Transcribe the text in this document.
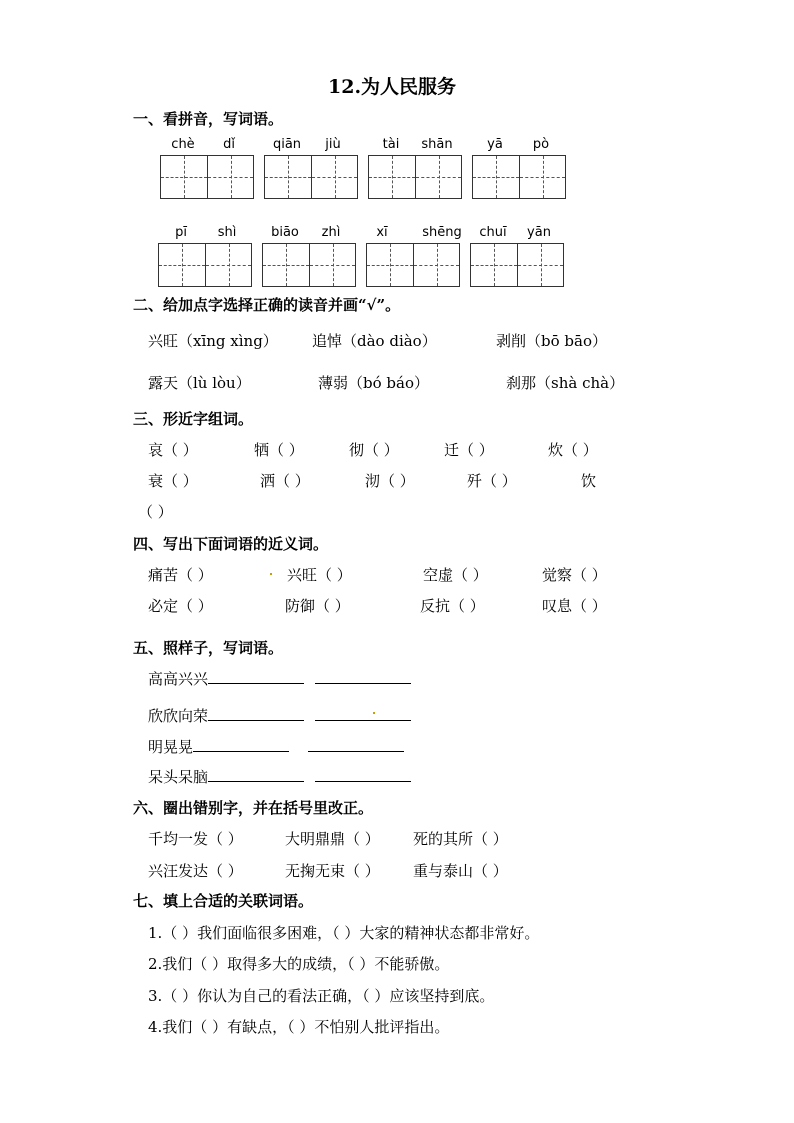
12.为人民服务
一、看拼音，写词语。
chè	dǐ	qiān	jiù	tài	shān	yā	pò
pī	shì	biāo	zhì	xī	shēng	chuī	yān
二、给加点字选择正确的读音并画“√”。
兴旺（xīng xìng） 追悼（dào diào）	剥削（bō bāo）
露天（lù lòu）	薄弱（bó báo）	刹那（shà chà）
三、形近字组词。
哀（ ）	牺（ ）	彻（ ）	迁（ ）	炊（ ）
衰（ ）	洒（ ）	沏（ ）	歼（ ）	饮
（ ）
四、写出下面词语的近义词。
痛苦（ ）	兴旺（ ）	空虚（ ）	觉察（ ）
必定（ ）	防御（ ）	反抗（ ）	叹息（ ）
五、照样子，写词语。
高高兴兴
欣欣向荣
明晃晃
呆头呆脑
六、圈出错别字，并在括号里改正。
千均一发（ ）	大明鼎鼎（ ） 死的其所（ ）
兴汪发达（ ）	无掬无束（ ） 重与泰山（ ）
七、填上合适的关联词语。
1.（ ）我们面临很多困难，（ ）大家的精神状态都非常好。
2.我们（ ）取得多大的成绩，（ ）不能骄傲。
3.（ ）你认为自己的看法正确，（ ）应该坚持到底。
4.我们（ ）有缺点，（ ）不怕别人批评指出。
